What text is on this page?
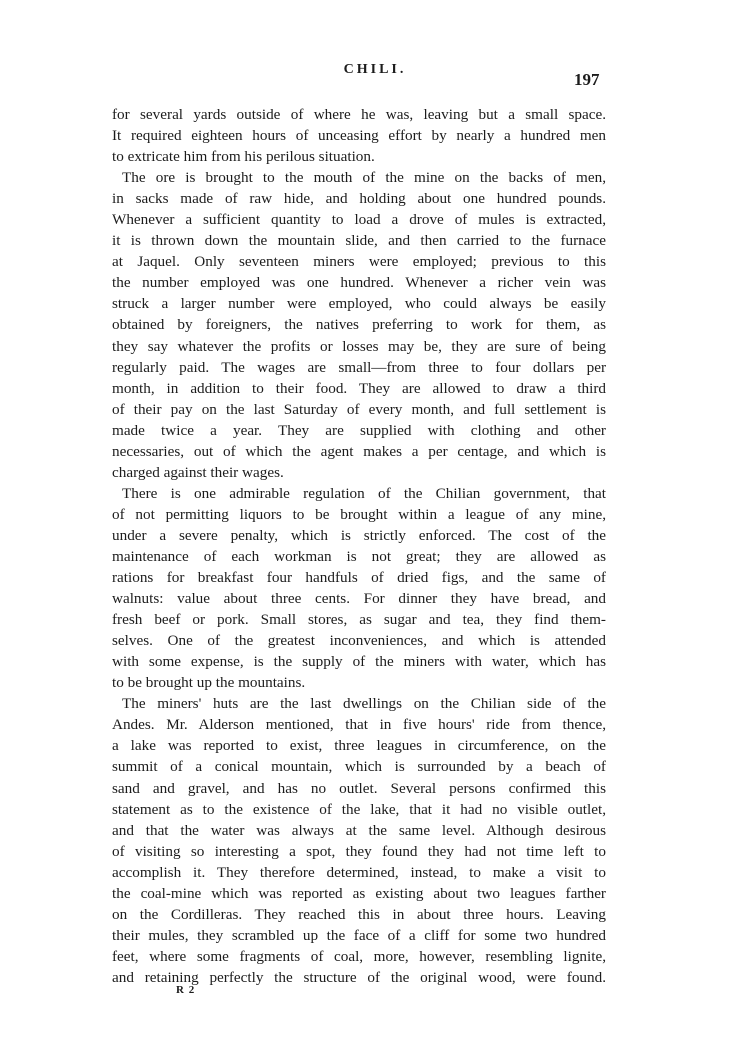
CHILI.
197
for several yards outside of where he was, leaving but a small space.
It required eighteen hours of unceasing effort by nearly a hundred men
to extricate him from his perilous situation.
The ore is brought to the mouth of the mine on the backs of men,
in sacks made of raw hide, and holding about one hundred pounds.
Whenever a sufficient quantity to load a drove of mules is extracted,
it is thrown down the mountain slide, and then carried to the furnace
at Jaquel. Only seventeen miners were employed; previous to this
the number employed was one hundred. Whenever a richer vein was
struck a larger number were employed, who could always be easily
obtained by foreigners, the natives preferring to work for them, as
they say whatever the profits or losses may be, they are sure of being
regularly paid. The wages are small—from three to four dollars per
month, in addition to their food. They are allowed to draw a third
of their pay on the last Saturday of every month, and full settlement is
made twice a year. They are supplied with clothing and other
necessaries, out of which the agent makes a per centage, and which is
charged against their wages.
There is one admirable regulation of the Chilian government, that
of not permitting liquors to be brought within a league of any mine,
under a severe penalty, which is strictly enforced. The cost of the
maintenance of each workman is not great; they are allowed as
rations for breakfast four handfuls of dried figs, and the same of
walnuts: value about three cents. For dinner they have bread, and
fresh beef or pork. Small stores, as sugar and tea, they find them-
selves. One of the greatest inconveniences, and which is attended
with some expense, is the supply of the miners with water, which has
to be brought up the mountains.
The miners' huts are the last dwellings on the Chilian side of the
Andes. Mr. Alderson mentioned, that in five hours' ride from thence,
a lake was reported to exist, three leagues in circumference, on the
summit of a conical mountain, which is surrounded by a beach of
sand and gravel, and has no outlet. Several persons confirmed this
statement as to the existence of the lake, that it had no visible outlet,
and that the water was always at the same level. Although desirous
of visiting so interesting a spot, they found they had not time left to
accomplish it. They therefore determined, instead, to make a visit to
the coal-mine which was reported as existing about two leagues farther
on the Cordilleras. They reached this in about three hours. Leaving
their mules, they scrambled up the face of a cliff for some two hundred
feet, where some fragments of coal, more, however, resembling lignite,
and retaining perfectly the structure of the original wood, were found.
R 2
